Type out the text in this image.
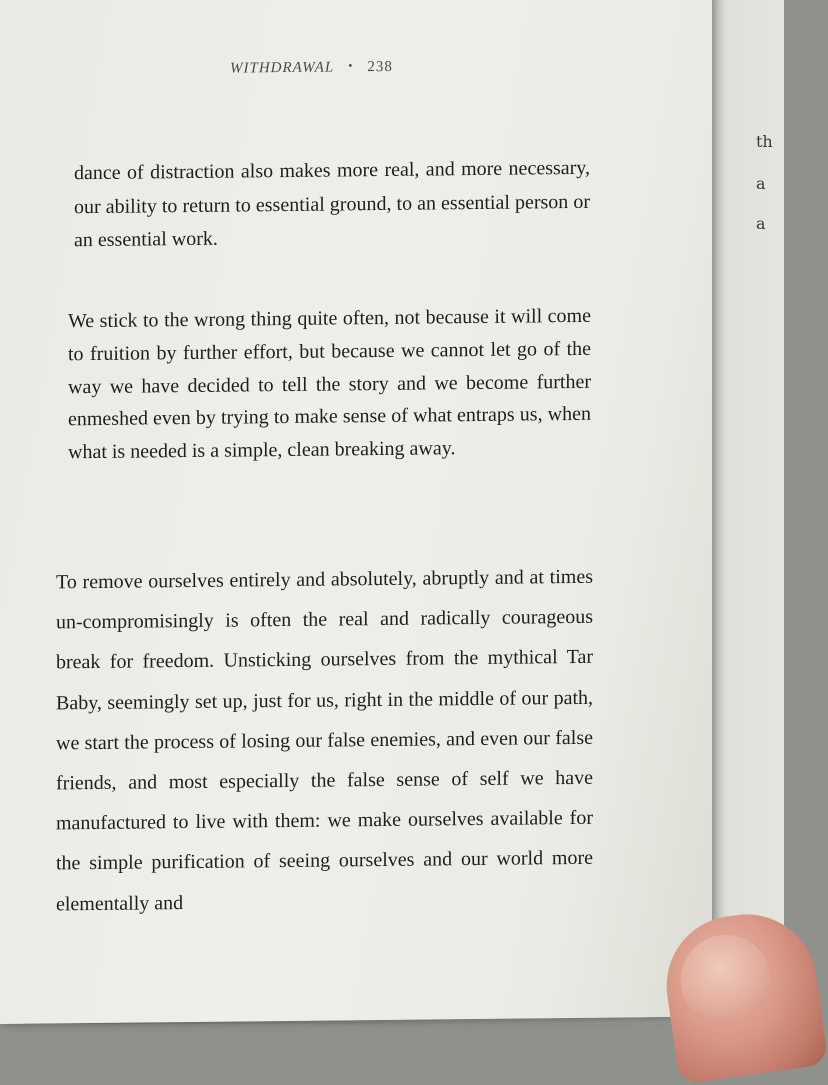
th
a
a
WITHDRAWAL • 238
dance of distraction also makes more real, and more necessary, our ability to return to essential ground, to an essential person or an essential work.
We stick to the wrong thing quite often, not because it will come to fruition by further effort, but because we cannot let go of the way we have decided to tell the story and we become further enmeshed even by trying to make sense of what entraps us, when what is needed is a simple, clean breaking away.
To remove ourselves entirely and absolutely, abruptly and at times un-compromisingly is often the real and radically courageous break for freedom. Unsticking ourselves from the mythical Tar Baby, seemingly set up, just for us, right in the middle of our path, we start the process of losing our false enemies, and even our false friends, and most especially the false sense of self we have manufactured to live with them: we make ourselves available for the simple purification of seeing ourselves and our world more elementally and
